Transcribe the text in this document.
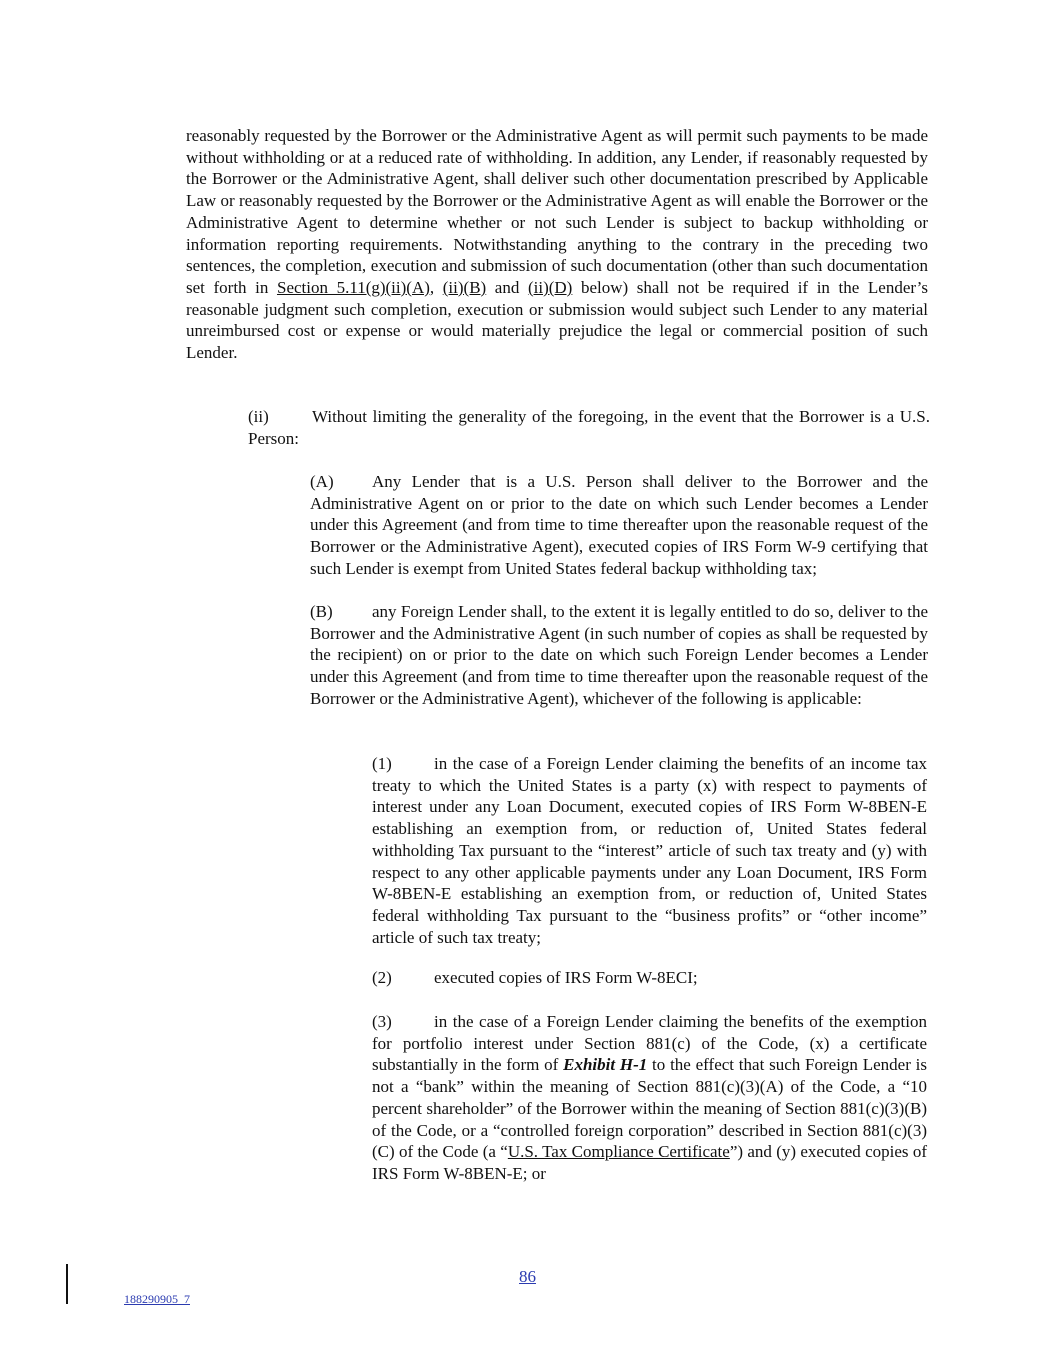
reasonably requested by the Borrower or the Administrative Agent as will permit such payments to be made without withholding or at a reduced rate of withholding. In addition, any Lender, if reasonably requested by the Borrower or the Administrative Agent, shall deliver such other documentation prescribed by Applicable Law or reasonably requested by the Borrower or the Administrative Agent as will enable the Borrower or the Administrative Agent to determine whether or not such Lender is subject to backup withholding or information reporting requirements. Notwithstanding anything to the contrary in the preceding two sentences, the completion, execution and submission of such documentation (other than such documentation set forth in Section 5.11(g)(ii)(A), (ii)(B) and (ii)(D) below) shall not be required if in the Lender’s reasonable judgment such completion, execution or submission would subject such Lender to any material unreimbursed cost or expense or would materially prejudice the legal or commercial position of such Lender.

(ii)	Without limiting the generality of the foregoing, in the event that the Borrower is a U.S. Person:

(A) Any Lender that is a U.S. Person shall deliver to the Borrower and the Administrative Agent on or prior to the date on which such Lender becomes a Lender under this Agreement (and from time to time thereafter upon the reasonable request of the Borrower or the Administrative Agent), executed copies of IRS Form W-9 certifying that such Lender is exempt from United States federal backup withholding tax;

(B) any Foreign Lender shall, to the extent it is legally entitled to do so, deliver to the Borrower and the Administrative Agent (in such number of copies as shall be requested by the recipient) on or prior to the date on which such Foreign Lender becomes a Lender under this Agreement (and from time to time thereafter upon the reasonable request of the Borrower or the Administrative Agent), whichever of the following is applicable:

(1) in the case of a Foreign Lender claiming the benefits of an income tax treaty to which the United States is a party (x) with respect to payments of interest under any Loan Document, executed copies of IRS Form W-8BEN-E establishing an exemption from, or reduction of, United States federal withholding Tax pursuant to the “interest” article of such tax treaty and (y) with respect to any other applicable payments under any Loan Document, IRS Form W-8BEN-E establishing an exemption from, or reduction of, United States federal withholding Tax pursuant to the “business profits” or “other income” article of such tax treaty;

(2) executed copies of IRS Form W-8ECI;

(3) in the case of a Foreign Lender claiming the benefits of the exemption for portfolio interest under Section 881(c) of the Code, (x) a certificate substantially in the form of Exhibit H-1 to the effect that such Foreign Lender is not a “bank” within the meaning of Section 881(c)(3)(A) of the Code, a “10 percent shareholder” of the Borrower within the meaning of Section 881(c)(3)(B) of the Code, or a “controlled foreign corporation” described in Section 881(c)(3)(C) of the Code (a “U.S. Tax Compliance Certificate”) and (y) executed copies of IRS Form W-8BEN-E; or

86
188290905_7
